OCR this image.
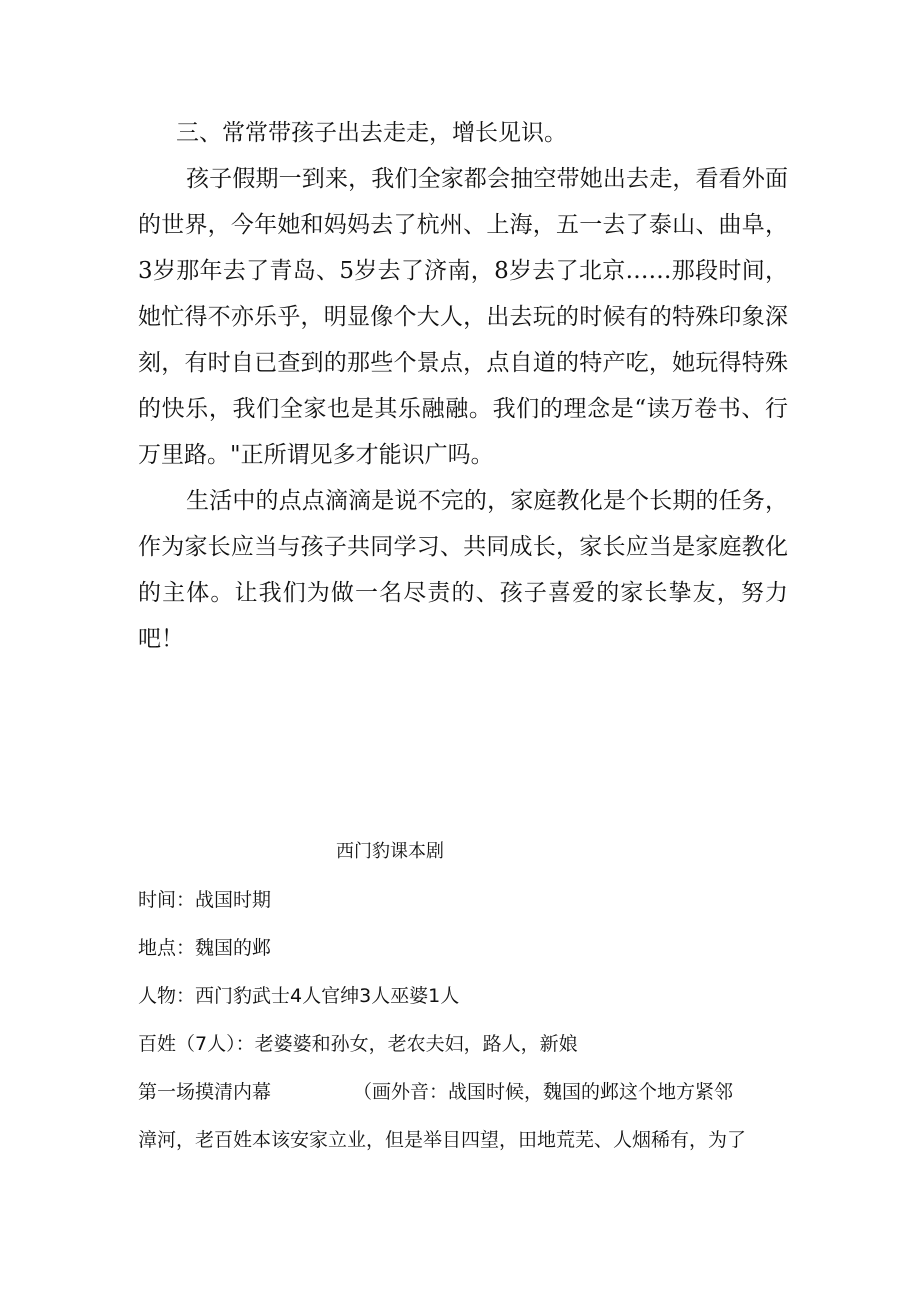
三、常常带孩子出去走走，增长见识。

孩子假期一到来，我们全家都会抽空带她出去走，看看外面的世界，今年她和妈妈去了杭州、上海，五一去了泰山、曲阜，3岁那年去了青岛、5岁去了济南，8岁去了北京……那段时间，她忙得不亦乐乎，明显像个大人，出去玩的时候有的特殊印象深刻，有时自已查到的那些个景点，点自道的特产吃，她玩得特殊的快乐，我们全家也是其乐融融。我们的理念是“读万卷书、行万里路。"正所谓见多才能识广吗。

生活中的点点滴滴是说不完的，家庭教化是个长期的任务，作为家长应当与孩子共同学习、共同成长，家长应当是家庭教化的主体。让我们为做一名尽责的、孩子喜爱的家长挚友，努力吧！

西门豹课本剧

时间：战国时期

地点：魏国的邺

人物：西门豹武士4人官绅3人巫婆1人

百姓（7人）：老婆婆和孙女，老农夫妇，路人，新娘

第一场摸清内幕	（画外音：战国时候，魏国的邺这个地方紧邻

漳河，老百姓本该安家立业，但是举目四望，田地荒芜、人烟稀有，为了
